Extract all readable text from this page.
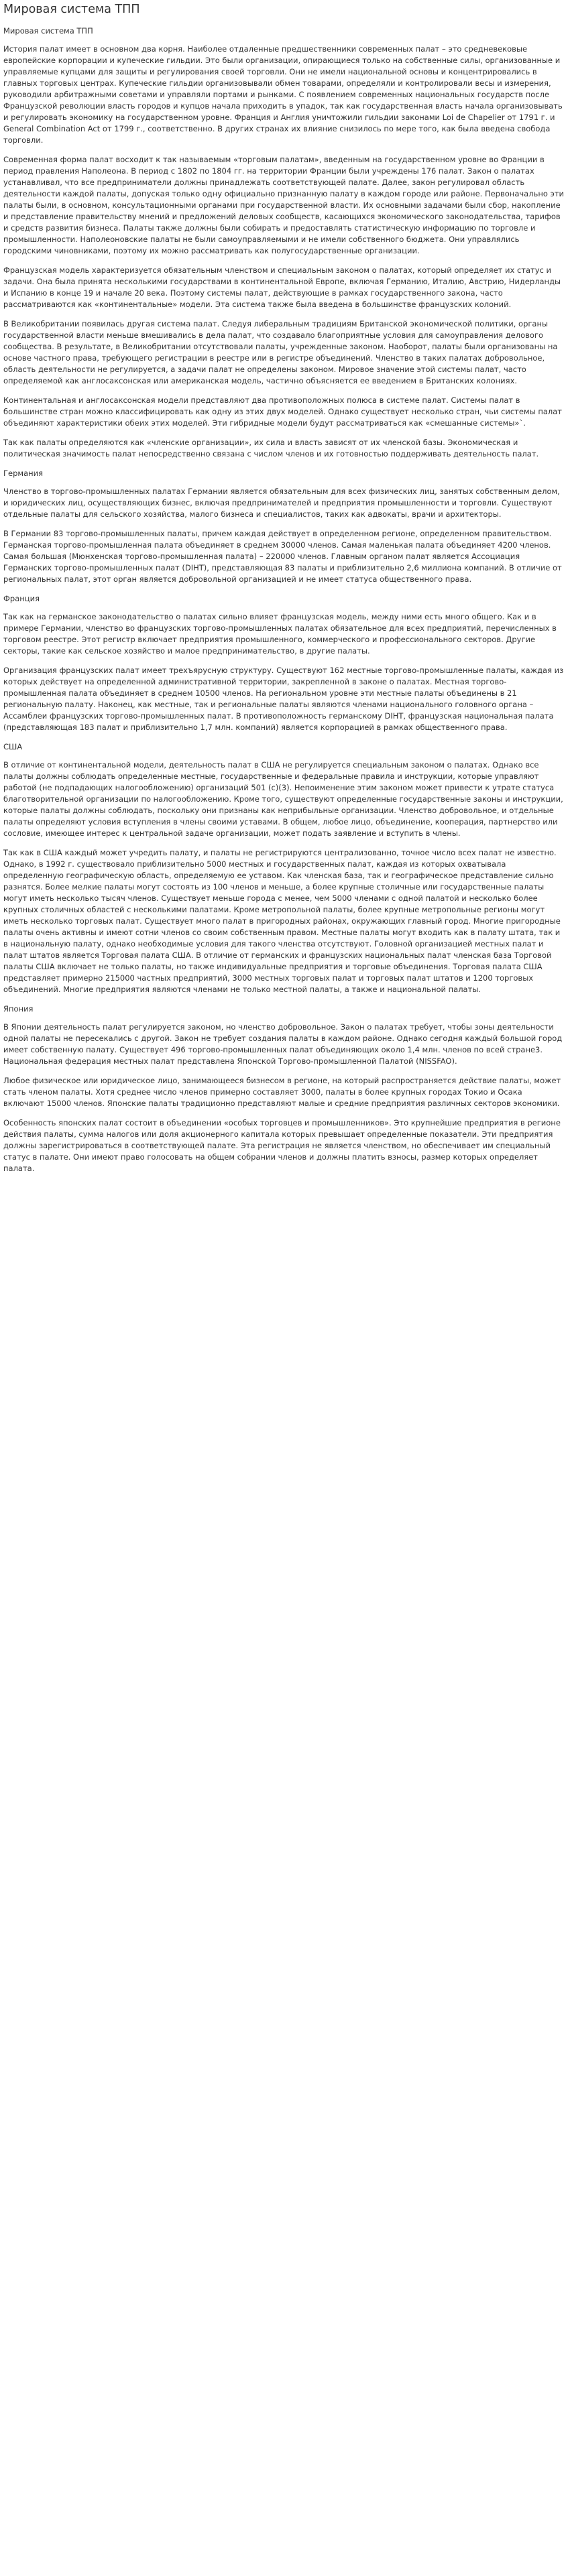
Мировая система ТПП
Мировая система ТПП

История палат имеет в основном два корня. Наиболее отдаленные предшественники современных палат – это средневековые европейские корпорации и купеческие гильдии. Это были организации, опирающиеся только на собственные силы, организованные и управляемые купцами для защиты и регулирования своей торговли. Они не имели национальной основы и концентрировались в главных торговых центрах. Купеческие гильдии организовывали обмен товарами, определяли и контролировали весы и измерения, руководили арбитражными советами и управляли портами и рынками. С появлением современных национальных государств после Французской революции власть городов и купцов начала приходить в упадок, так как государственная власть начала организовывать и регулировать экономику на государственном уровне. Франция и Англия уничтожили гильдии законами Loi de Chapelier от 1791 г. и General Combination Act от 1799 г., соответственно. В других странах их влияние снизилось по мере того, как была введена свобода торговли.

Современная форма палат восходит к так называемым «торговым палатам», введенным на государственном уровне во Франции в период правления Наполеона. В период с 1802 по 1804 гг. на территории Франции были учреждены 176 палат. Закон о палатах устанавливал, что все предприниматели должны принадлежать соответствующей палате. Далее, закон регулировал область деятельности каждой палаты, допуская только одну официально признанную палату в каждом городе или районе. Первоначально эти палаты были, в основном, консультационными органами при государственной власти. Их основными задачами были сбор, накопление и представление правительству мнений и предложений деловых сообществ, касающихся экономического законодательства, тарифов и средств развития бизнеса. Палаты также должны были собирать и предоставлять статистическую информацию по торговле и промышленности. Наполеоновские палаты не были самоуправляемыми и не имели собственного бюджета. Они управлялись городскими чиновниками, поэтому их можно рассматривать как полугосударственные организации.

Французская модель характеризуется обязательным членством и специальным законом о палатах, который определяет их статус и задачи. Она была принята несколькими государствами в континентальной Европе, включая Германию, Италию, Австрию, Нидерланды и Испанию в конце 19 и начале 20 века. Поэтому системы палат, действующие в рамках государственного закона, часто рассматриваются как «континентальные» модели. Эта система также была введена в большинстве французских колоний.

В Великобритании появилась другая система палат. Следуя либеральным традициям Британской экономической политики, органы государственной власти меньше вмешивались в дела палат, что создавало благоприятные условия для самоуправления делового сообщества. В результате, в Великобритании отсутствовали палаты, учрежденные законом. Наоборот, палаты были организованы на основе частного права, требующего регистрации в реестре или в регистре объединений. Членство в таких палатах добровольное, область деятельности не регулируется, а задачи палат не определены законом. Мировое значение этой системы палат, часто определяемой как англосаксонская или американская модель, частично объясняется ее введением в Британских колониях.

Континентальная и англосаксонская модели представляют два противоположных полюса в системе палат. Системы палат в большинстве стран можно классифицировать как одну из этих двух моделей. Однако существует несколько стран, чьи системы палат объединяют характеристики обеих этих моделей. Эти гибридные модели будут рассматриваться как «смешанные системы»`.

Так как палаты определяются как «членские организации», их сила и власть зависят от их членской базы. Экономическая и политическая значимость палат непосредственно связана с числом членов и их готовностью поддерживать деятельность палат.

Германия

Членство в торгово-промышленных палатах Германии является обязательным для всех физических лиц, занятых собственным делом, и юридических лиц, осуществляющих бизнес, включая предпринимателей и предприятия промышленности и торговли. Существуют отдельные палаты для сельского хозяйства, малого бизнеса и специалистов, таких как адвокаты, врачи и архитекторы.

В Германии 83 торгово-промышленных палаты, причем каждая действует в определенном регионе, определенном правительством. Германская торгово-промышленная палата объединяет в среднем 30000 членов. Самая маленькая палата объединяет 4200 членов. Самая большая (Мюнхенская торгово-промышленная палата) – 220000 членов. Главным органом палат является Ассоциация Германских торгово-промышленных палат (DIHT), представляющая 83 палаты и приблизительно 2,6 миллиона компаний. В отличие от региональных палат, этот орган является добровольной организацией и не имеет статуса общественного права.

Франция

Так как на германское законодательство о палатах сильно влияет французская модель, между ними есть много общего. Как и в примере Германии, членство во французских торгово-промышленных палатах обязательное для всех предприятий, перечисленных в торговом реестре. Этот регистр включает предприятия промышленного, коммерческого и профессионального секторов. Другие секторы, такие как сельское хозяйство и малое предпринимательство, в другие палаты.

Организация французских палат имеет трехъярусную структуру. Существуют 162 местные торгово-промышленные палаты, каждая из которых действует на определенной административной территории, закрепленной в законе о палатах. Местная торгово-промышленная палата объединяет в среднем 10500 членов. На региональном уровне эти местные палаты объединены в 21 региональную палату. Наконец, как местные, так и региональные палаты являются членами национального головного органа – Ассамблеи французских торгово-промышленных палат. В противоположность германскому DIHT, французская национальная палата (представляющая 183 палат и приблизительно 1,7 млн. компаний) является корпорацией в рамках общественного права.

США

В отличие от континентальной модели, деятельность палат в США не регулируется специальным законом о палатах. Однако все палаты должны соблюдать определенные местные, государственные и федеральные правила и инструкции, которые управляют работой (не подпадающих налогообложению) организаций 501 (c)(3). Непоименение этим законом может привести к утрате статуса благотворительной организации по налогообложению. Кроме того, существуют определенные государственные законы и инструкции, которые палаты должны соблюдать, поскольку они признаны как неприбыльные организации. Членство добровольное, и отдельные палаты определяют условия вступления в члены своими уставами. В общем, любое лицо, объединение, кооперация, партнерство или сословие, имеющее интерес к центральной задаче организации, может подать заявление и вступить в члены.

Так как в США каждый может учредить палату, и палаты не регистрируются централизованно, точное число всех палат не известно. Однако, в 1992 г. существовало приблизительно 5000 местных и государственных палат, каждая из которых охватывала определенную географическую область, определяемую ее уставом. Как членская база, так и географическое представление сильно разнятся. Более мелкие палаты могут состоять из 100 членов и меньше, а более крупные столичные или государственные палаты могут иметь несколько тысяч членов. Существует меньше города с менее, чем 5000 членами с одной палатой и несколько более крупных столичных областей с несколькими палатами. Кроме метропольной палаты, более крупные метропольные регионы могут иметь несколько торговых палат. Существует много палат в пригородных районах, окружающих главный город. Многие пригородные палаты очень активны и имеют сотни членов со своим собственным правом. Местные палаты могут входить как в палату штата, так и в национальную палату, однако необходимые условия для такого членства отсутствуют. Головной организацией местных палат и палат штатов является Торговая палата США. В отличие от германских и французских национальных палат членская база Торговой палаты США включает не только палаты, но также индивидуальные предприятия и торговые объединения. Торговая палата США представляет примерно 215000 частных предприятий, 3000 местных торговых палат и торговых палат штатов и 1200 торговых объединений. Многие предприятия являются членами не только местной палаты, а также и национальной палаты.

Япония

В Японии деятельность палат регулируется законом, но членство добровольное. Закон о палатах требует, чтобы зоны деятельности одной палаты не пересекались с другой. Закон не требует создания палаты в каждом районе. Однако сегодня каждый большой город имеет собственную палату. Существует 496 торгово-промышленных палат объединяющих около 1,4 млн. членов по всей стране3. Национальная федерация местных палат представлена Японской Торгово-промышленной Палатой (NISSFAO).

Любое физическое или юридическое лицо, занимающееся бизнесом в регионе, на который распространяется действие палаты, может стать членом палаты. Хотя среднее число членов примерно составляет 3000, палаты в более крупных городах Токио и Осака включают 15000 членов. Японские палаты традиционно представляют малые и средние предприятия различных секторов экономики.

Особенность японских палат состоит в объединении «особых торговцев и промышленников». Это крупнейшие предприятия в регионе действия палаты, сумма налогов или доля акционерного капитала которых превышает определенные показатели. Эти предприятия должны зарегистрироваться в соответствующей палате. Эта регистрация не является членством, но обеспечивает им специальный статус в палате. Они имеют право голосовать на общем собрании членов и должны платить взносы, размер которых определяет палата.
